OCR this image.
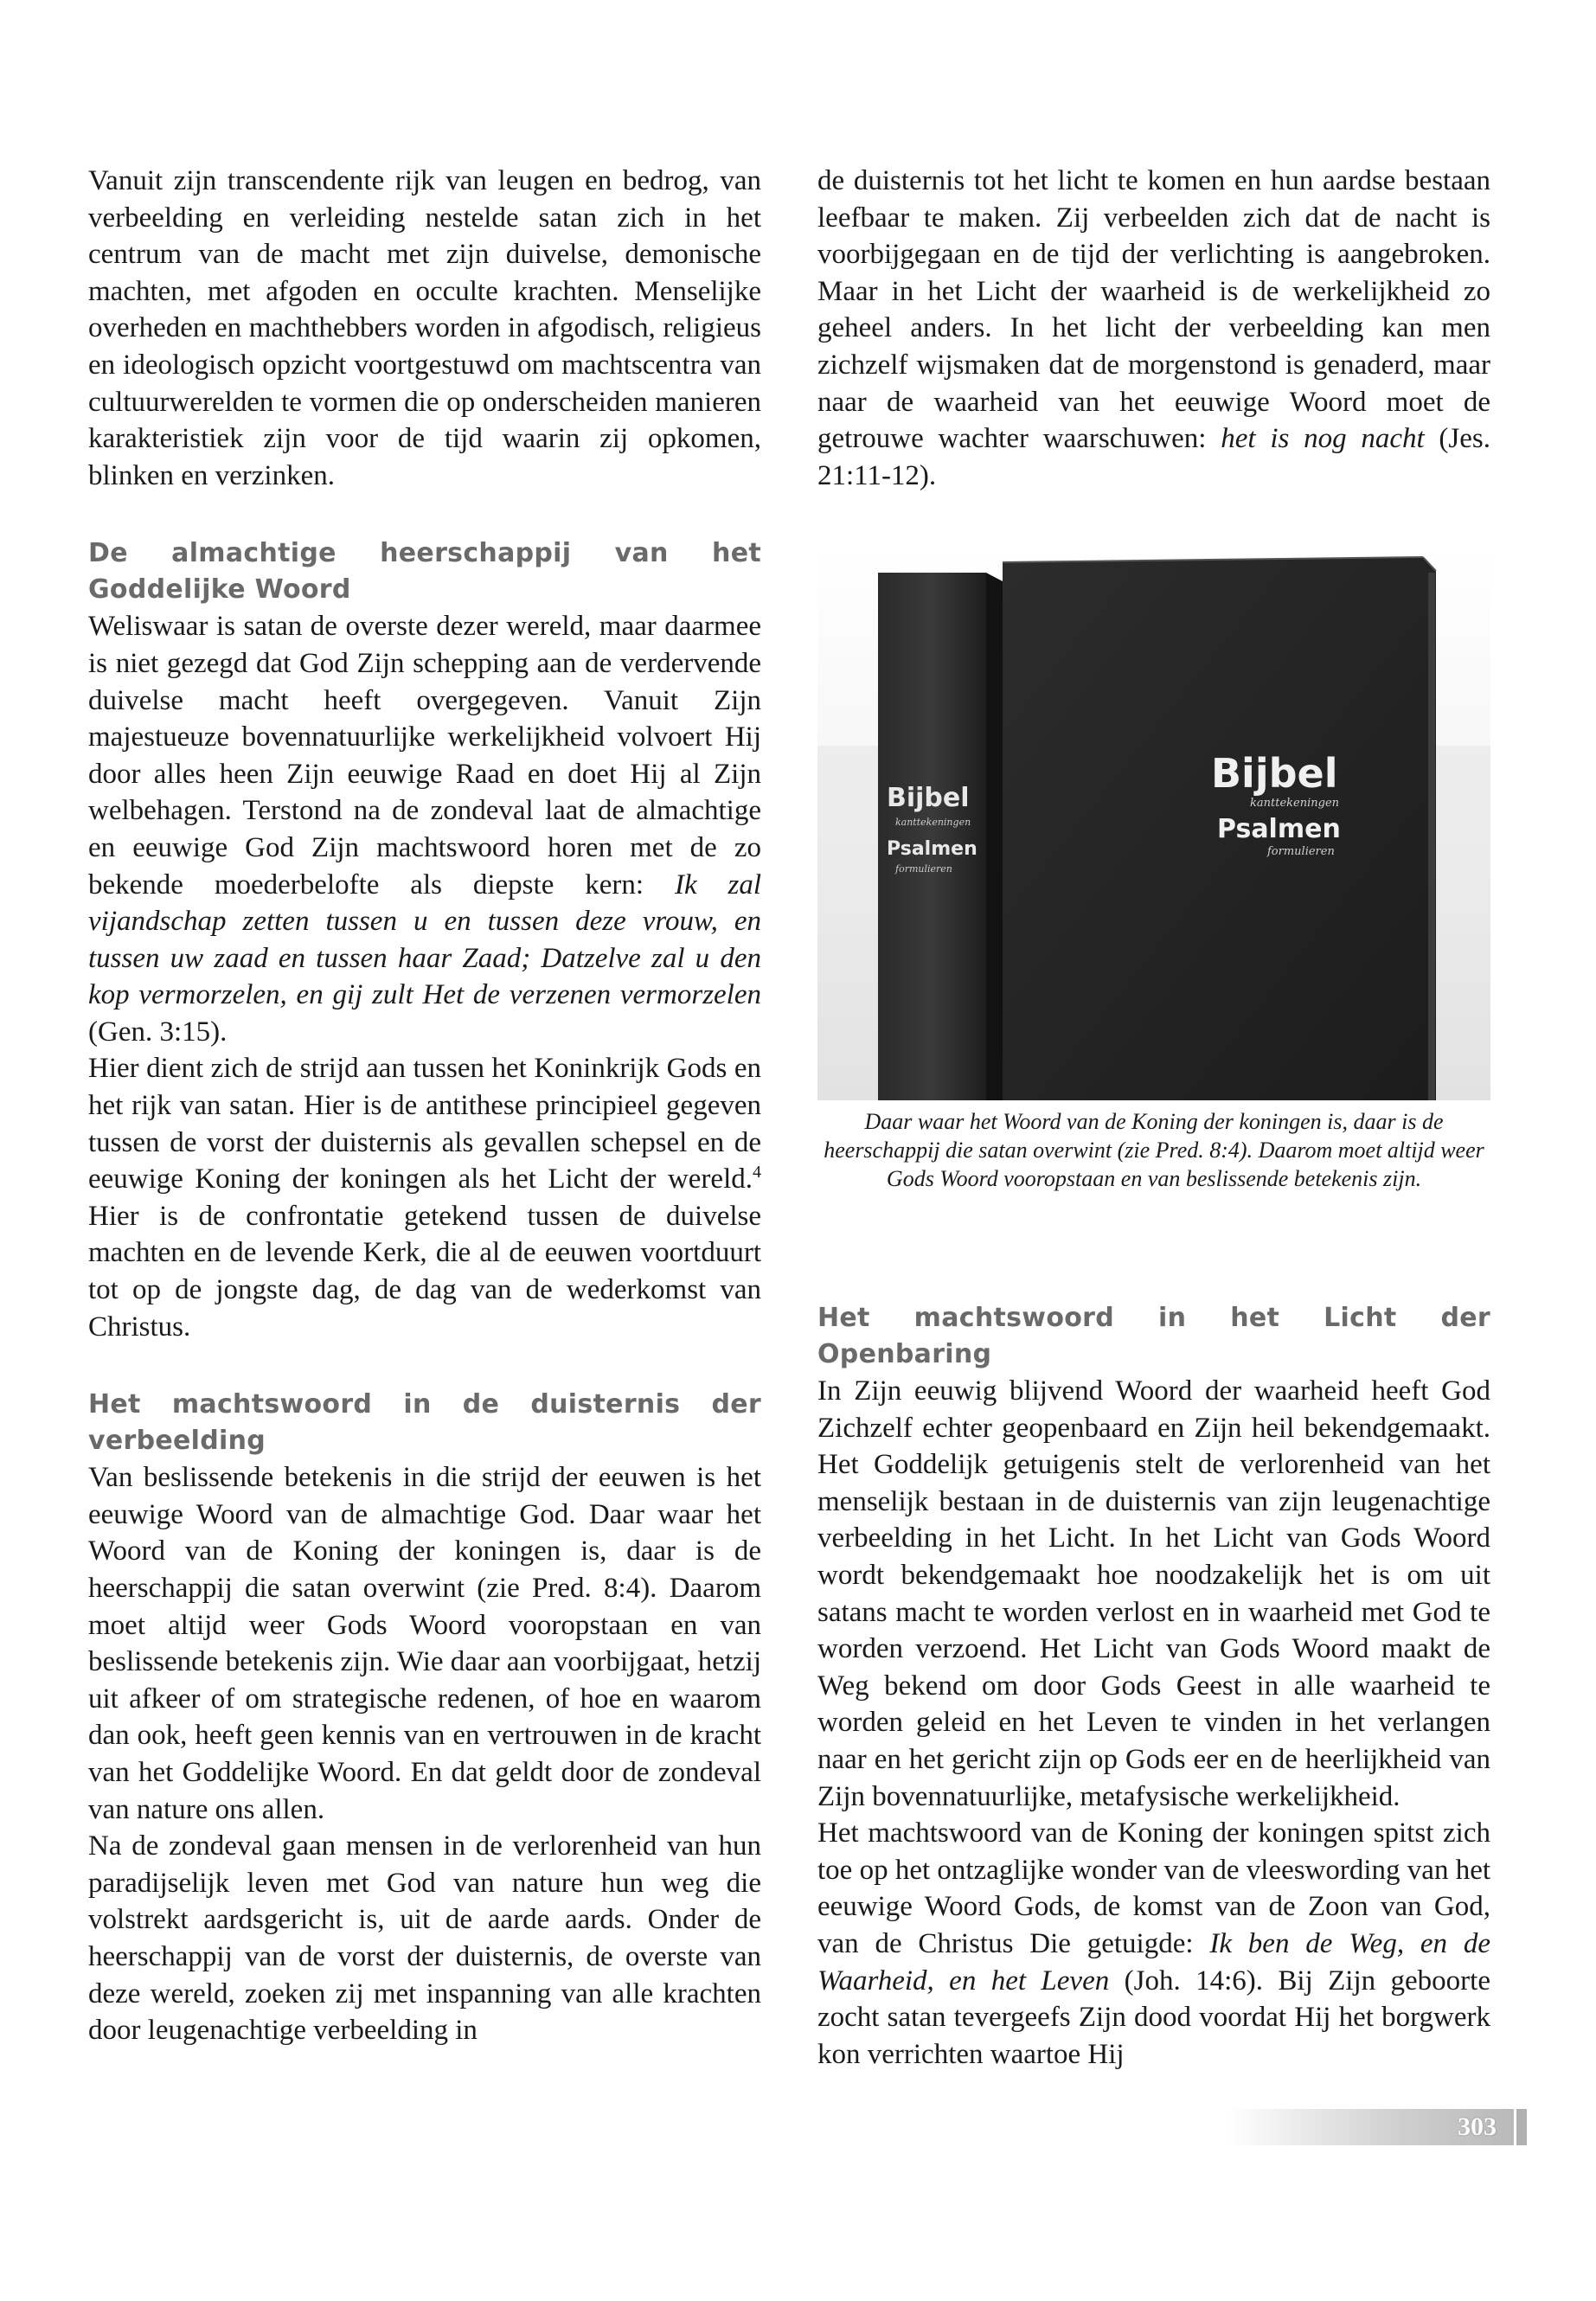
Vanuit zijn transcendente rijk van leugen en bedrog, van verbeelding en verleiding nestelde satan zich in het centrum van de macht met zijn duivelse, demonische machten, met afgoden en occulte krachten. Menselijke overheden en machthebbers worden in afgodisch, religieus en ideologisch opzicht voortgestuwd om machtscentra van cultuurwerelden te vormen die op onderscheiden manieren karakteristiek zijn voor de tijd waarin zij opkomen, blinken en verzinken.

De almachtige heerschappij van het Goddelijke Woord

Weliswaar is satan de overste dezer wereld, maar daarmee is niet gezegd dat God Zijn schepping aan de verdervende duivelse macht heeft overgegeven. Vanuit Zijn majestueuze bovennatuurlijke werkelijkheid volvoert Hij door alles heen Zijn eeuwige Raad en doet Hij al Zijn welbehagen. Terstond na de zondeval laat de almachtige en eeuwige God Zijn machtswoord horen met de zo bekende moederbelofte als diepste kern: Ik zal vijandschap zetten tussen u en tussen deze vrouw, en tussen uw zaad en tussen haar Zaad; Datzelve zal u den kop vermorzelen, en gij zult Het de verzenen vermorzelen (Gen. 3:15).

Hier dient zich de strijd aan tussen het Koninkrijk Gods en het rijk van satan. Hier is de antithese principieel gegeven tussen de vorst der duisternis als gevallen schepsel en de eeuwige Koning der koningen als het Licht der wereld.$^4$ Hier is de confrontatie getekend tussen de duivelse machten en de levende Kerk, die al de eeuwen voortduurt tot op de jongste dag, de dag van de wederkomst van Christus.

Het machtswoord in de duisternis der verbeelding

Van beslissende betekenis in die strijd der eeuwen is het eeuwige Woord van de almachtige God. Daar waar het Woord van de Koning der koningen is, daar is de heerschappij die satan overwint (zie Pred. 8:4). Daarom moet altijd weer Gods Woord vooropstaan en van beslissende betekenis zijn. Wie daar aan voorbijgaat, hetzij uit afkeer of om strategische redenen, of hoe en waarom dan ook, heeft geen kennis van en vertrouwen in de kracht van het Goddelijke Woord. En dat geldt door de zondeval van nature ons allen.

Na de zondeval gaan mensen in de verlorenheid van hun paradijselijk leven met God van nature hun weg die volstrekt aardsgericht is, uit de aarde aards. Onder de heerschappij van de vorst der duisternis, de overste van deze wereld, zoeken zij met inspanning van alle krachten door leugenachtige verbeelding in

de duisternis tot het licht te komen en hun aardse bestaan leefbaar te maken. Zij verbeelden zich dat de nacht is voorbijgegaan en de tijd der verlichting is aangebroken. Maar in het Licht der waarheid is de werkelijkheid zo geheel anders. In het licht der verbeelding kan men zichzelf wijsmaken dat de morgenstond is genaderd, maar naar de waarheid van het eeuwige Woord moet de getrouwe wachter waarschuwen: het is nog nacht (Jes. 21:11-12).

Bijbel
kanttekeningen
Psalmen
formulieren
Bijbel
kanttekeningen
Psalmen
formulieren
Daar waar het Woord van de Koning der koningen is, daar is de heerschappij die satan overwint (zie Pred. 8:4). Daarom moet altijd weer Gods Woord vooropstaan en van beslissende betekenis zijn.
Het machtswoord in het Licht der Openbaring

In Zijn eeuwig blijvend Woord der waarheid heeft God Zichzelf echter geopenbaard en Zijn heil bekendgemaakt. Het Goddelijk getuigenis stelt de verlorenheid van het menselijk bestaan in de duisternis van zijn leugenachtige verbeelding in het Licht. In het Licht van Gods Woord wordt bekendgemaakt hoe noodzakelijk het is om uit satans macht te worden verlost en in waarheid met God te worden verzoend. Het Licht van Gods Woord maakt de Weg bekend om door Gods Geest in alle waarheid te worden geleid en het Leven te vinden in het verlangen naar en het gericht zijn op Gods eer en de heerlijkheid van Zijn bovennatuurlijke, metafysische werkelijkheid.

Het machtswoord van de Koning der koningen spitst zich toe op het ontzaglijke wonder van de vleeswording van het eeuwige Woord Gods, de komst van de Zoon van God, van de Christus Die getuigde: Ik ben de Weg, en de Waarheid, en het Leven (Joh. 14:6). Bij Zijn geboorte zocht satan tevergeefs Zijn dood voordat Hij het borgwerk kon verrichten waartoe Hij

303
